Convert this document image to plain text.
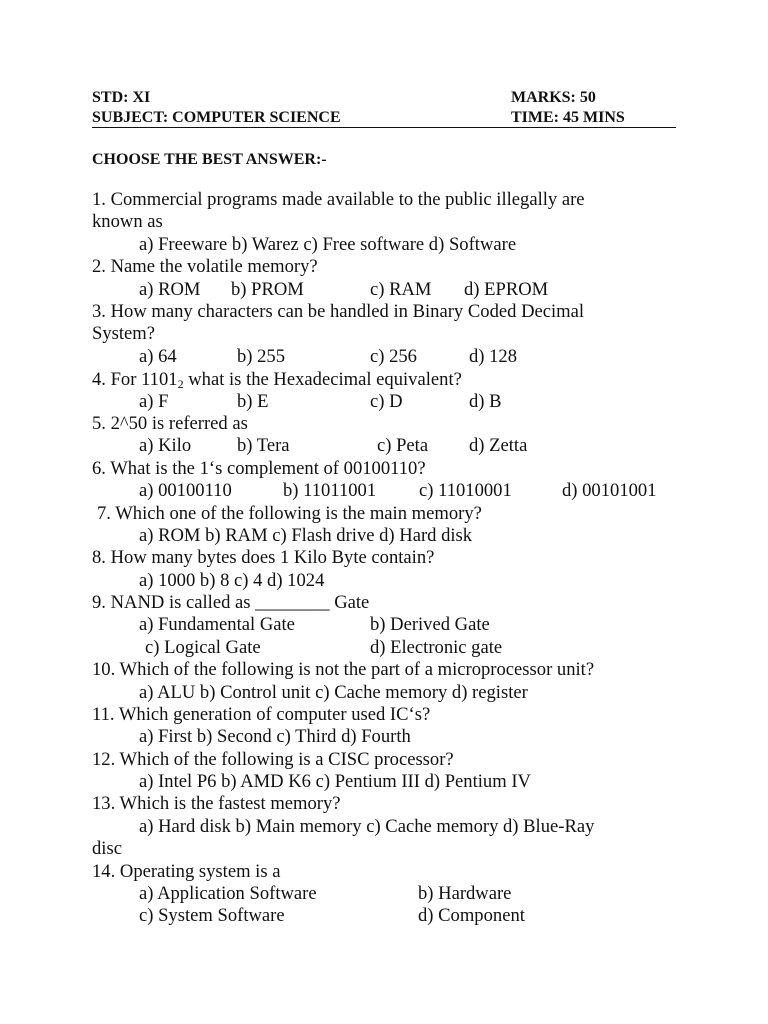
STD: XI	MARKS: 50
SUBJECT: COMPUTER SCIENCE	TIME: 45 MINS
CHOOSE THE BEST ANSWER:-
1. Commercial programs made available to the public illegally are
known as
a) Freeware b) Warez c) Free software d) Software
2. Name the volatile memory?
a) ROM b) PROM	c) RAM d) EPROM
3. How many characters can be handled in Binary Coded Decimal
System?
a) 64	b) 255	c) 256	d) 128
4. For $1101_2$ what is the Hexadecimal equivalent?
a) F	b) E	c) D	d) B
5. 2^50 is referred as
a) Kilo b) Tera	c) Peta d) Zetta
6. What is the 1‘s complement of 00100110?
a) 00100110	b) 11011001 c) 11010001	d) 00101001
7. Which one of the following is the main memory?
a) ROM b) RAM c) Flash drive d) Hard disk
8. How many bytes does 1 Kilo Byte contain?
a) 1000 b) 8 c) 4 d) 1024
9. NAND is called as ________ Gate
a) Fundamental Gate	b) Derived Gate
c) Logical Gate	d) Electronic gate
10. Which of the following is not the part of a microprocessor unit?
a) ALU b) Control unit c) Cache memory d) register
11. Which generation of computer used IC‘s?
a) First b) Second c) Third d) Fourth
12. Which of the following is a CISC processor?
a) Intel P6 b) AMD K6 c) Pentium III d) Pentium IV
13. Which is the fastest memory?
a) Hard disk b) Main memory c) Cache memory d) Blue-Ray
disc
14. Operating system is a
a) Application Software	b) Hardware
c) System Software	d) Component
